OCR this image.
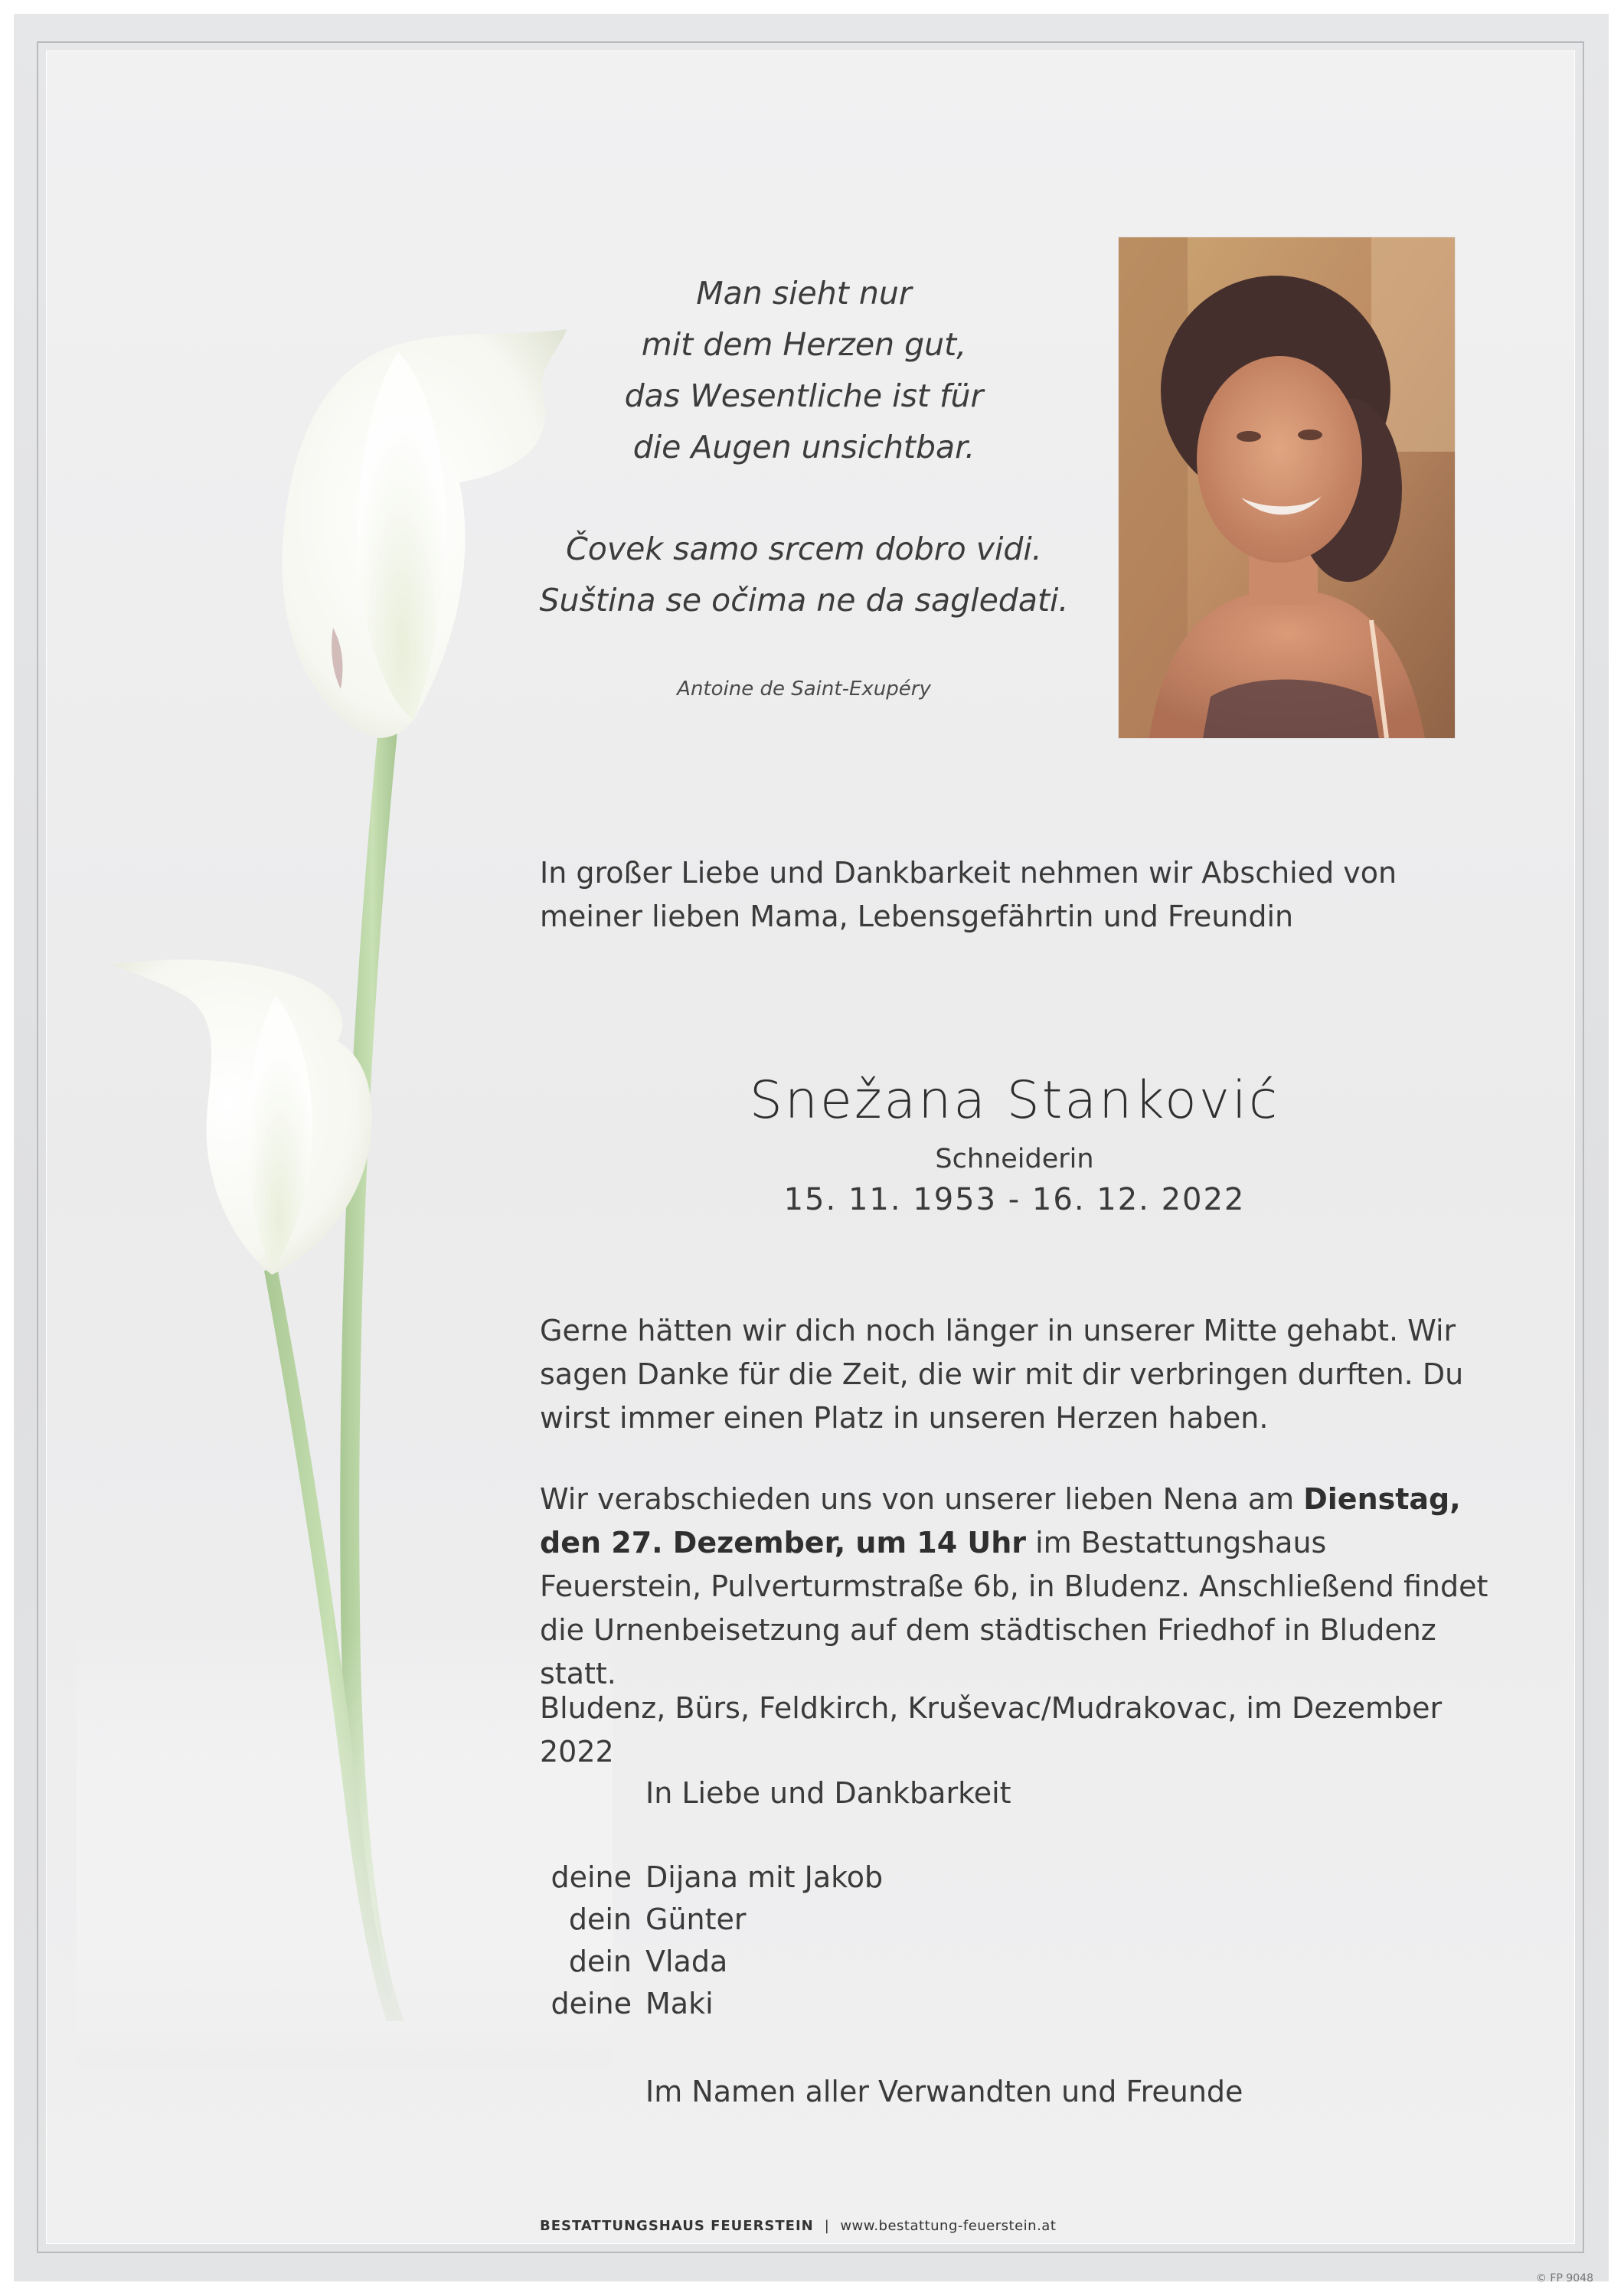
Man sieht nur

mit dem Herzen gut,

das Wesentliche ist für

die Augen unsichtbar.

Čovek samo srcem dobro vidi.

Suština se očima ne da sagledati.

Antoine de Saint-Exupéry
In großer Liebe und Dankbarkeit nehmen wir Abschied von meiner lieben Mama, Lebensgefährtin und Freundin
Snežana Stanković
Schneiderin
15. 11. 1953 - 16. 12. 2022
Gerne hätten wir dich noch länger in unserer Mitte gehabt. Wir sagen Danke für die Zeit, die wir mit dir verbringen durften. Du wirst immer einen Platz in unseren Herzen haben.
Wir verabschieden uns von unserer lieben Nena am Dienstag, den 27. Dezember, um 14 Uhr im Bestattungshaus Feuerstein, Pulverturmstraße 6b, in Bludenz. Anschließend findet die Urnenbeisetzung auf dem städtischen Friedhof in Bludenz statt.
Bludenz, Bürs, Feldkirch, Kruševac/Mudrakovac, im Dezember 2022
In Liebe und Dankbarkeit
deine Dijana mit Jakob
dein Günter
dein Vlada
deine Maki
Im Namen aller Verwandten und Freunde
BESTATTUNGSHAUS FEUERSTEIN | www.bestattung-feuerstein.at
© FP 9048
